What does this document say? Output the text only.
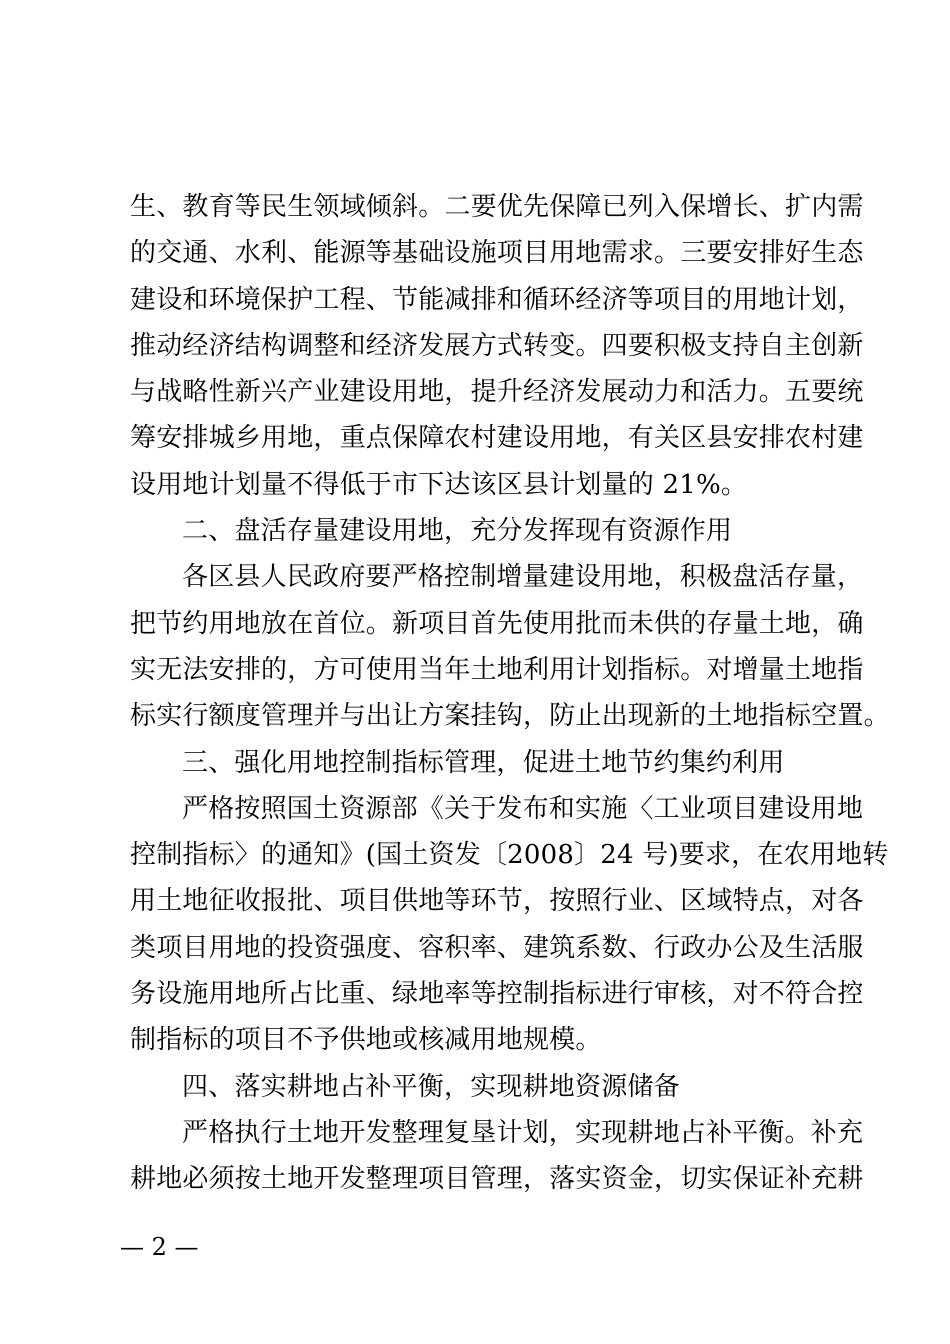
生、教育等民生领域倾斜。二要优先保障已列入保增长、扩内需
的交通、水利、能源等基础设施项目用地需求。三要安排好生态
建设和环境保护工程、节能减排和循环经济等项目的用地计划，
推动经济结构调整和经济发展方式转变。四要积极支持自主创新
与战略性新兴产业建设用地，提升经济发展动力和活力。五要统
筹安排城乡用地，重点保障农村建设用地，有关区县安排农村建
设用地计划量不得低于市下达该区县计划量的 21%。
二、盘活存量建设用地，充分发挥现有资源作用
各区县人民政府要严格控制增量建设用地，积极盘活存量，
把节约用地放在首位。新项目首先使用批而未供的存量土地，确
实无法安排的，方可使用当年土地利用计划指标。对增量土地指
标实行额度管理并与出让方案挂钩，防止出现新的土地指标空置。
三、强化用地控制指标管理，促进土地节约集约利用
严格按照国土资源部《关于发布和实施〈工业项目建设用地
控制指标〉的通知》(国土资发〔2008〕24 号)要求，在农用地转
用土地征收报批、项目供地等环节，按照行业、区域特点，对各
类项目用地的投资强度、容积率、建筑系数、行政办公及生活服
务设施用地所占比重、绿地率等控制指标进行审核，对不符合控
制指标的项目不予供地或核减用地规模。
四、落实耕地占补平衡，实现耕地资源储备
严格执行土地开发整理复垦计划，实现耕地占补平衡。补充
耕地必须按土地开发整理项目管理，落实资金，切实保证补充耕
— 2 —
